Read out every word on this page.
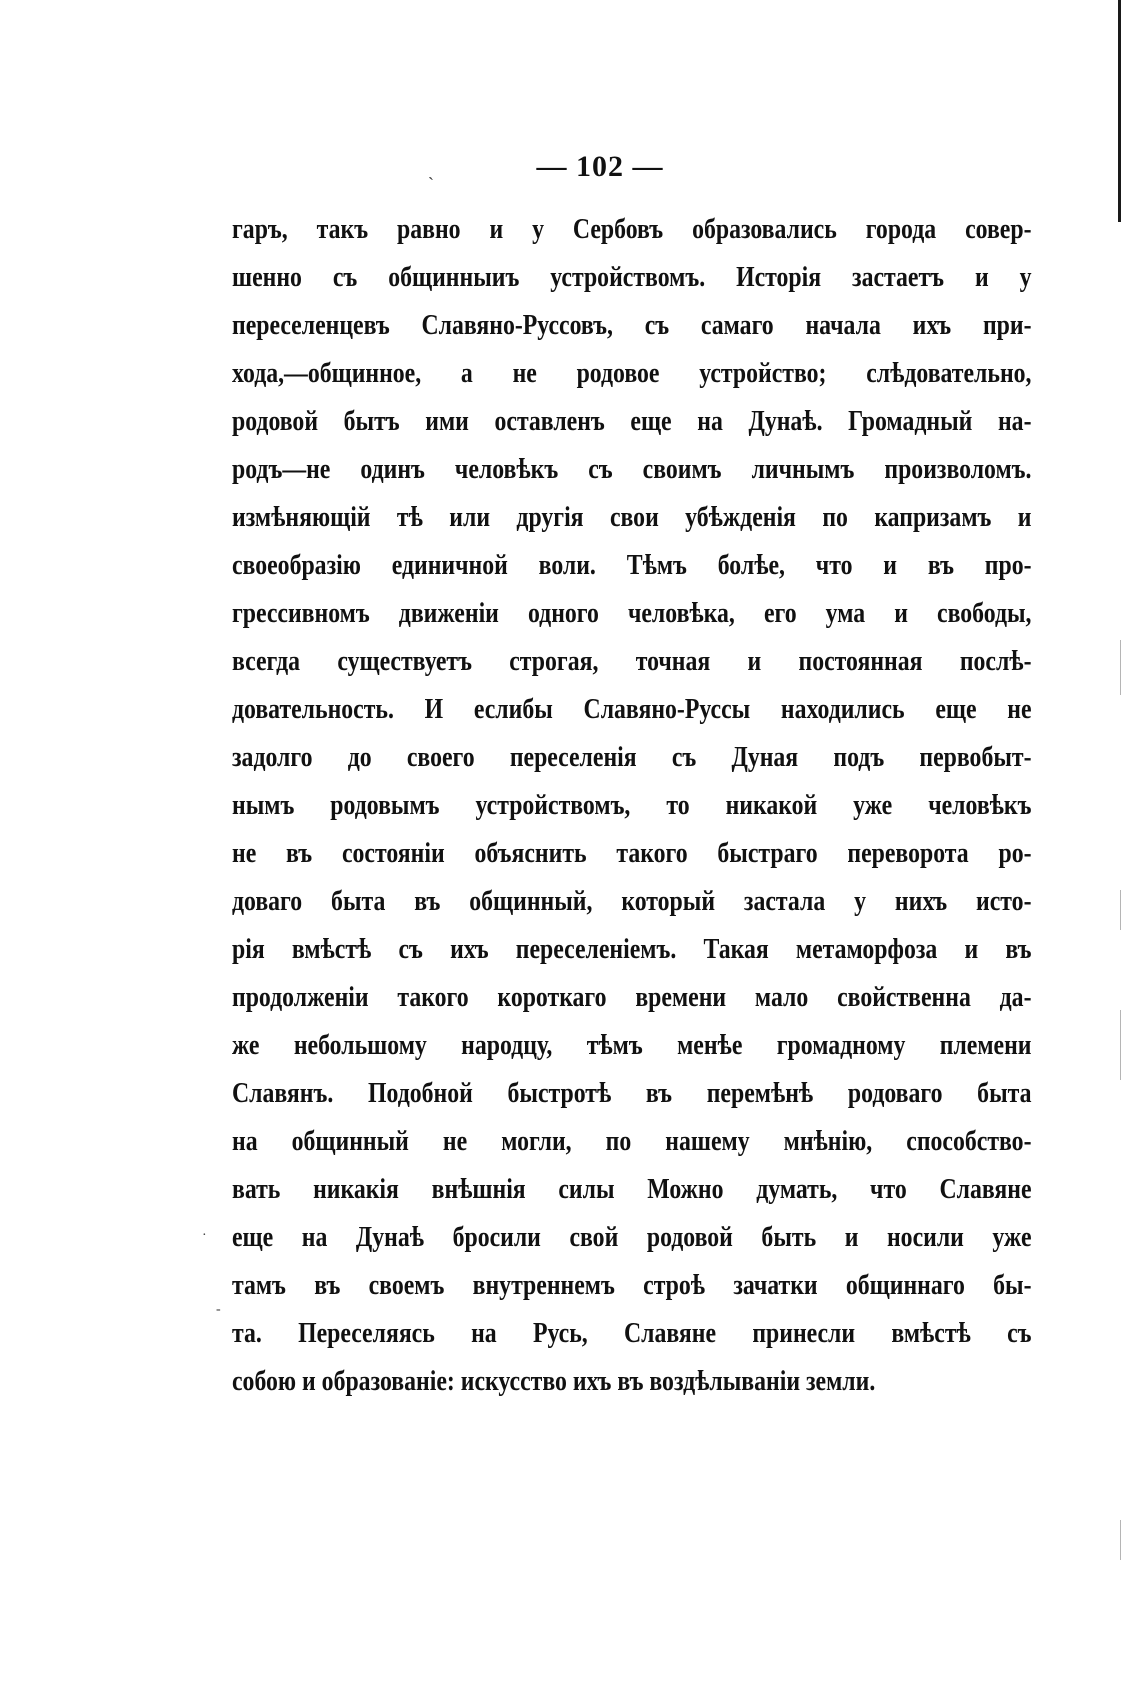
ˏ	— 102 —
гаръ, такъ равно и у Сербовъ образовались города совер-
шенно съ общинныиъ устройствомъ. Исторія застаетъ и у
переселенцевъ Славяно-Руссовъ, съ самаго начала ихъ при-
хода,—общинное, а не родовое устройство; слѣдовательно,
родовой бытъ ими оставленъ еще на Дунаѣ. Громадный на-
родъ—не одинъ человѣкъ съ своимъ личнымъ произволомъ.
измѣняющій тѣ или другія свои убѣжденія по капризамъ и
своеобразію единичной воли. Тѣмъ болѣе, что и въ про-
грессивномъ движеніи одного человѣка, его ума и свободы,
всегда существуетъ строгая, точная и постоянная послѣ-
довательность. И еслибы Славяно-Руссы находились еще не
задолго до своего переселенія съ Дуная подъ первобыт-
нымъ родовымъ устройствомъ, то никакой уже человѣкъ
не въ состояніи объяснить такого быстраго переворота ро-
доваго быта въ общинный, который застала у нихъ исто-
рія вмѣстѣ съ ихъ переселеніемъ. Такая метаморфоза и въ
продолженіи такого короткаго времени мало свойственна да-
же небольшому народцу, тѣмъ менѣе громадному племени
Славянъ. Подобной быстротѣ въ перемѣнѣ родоваго быта
на общинный не могли, по нашему мнѣнію, способство-
вать никакія внѣшнія силы Можно думать, что Славяне
еще на Дунаѣ бросили свой родовой быть и носили уже
тамъ въ своемъ внутреннемъ строѣ зачатки общиннаго бы-
та. Переселяясь на Русь, Славяне принесли вмѣстѣ съ
собою и образованіе: искусство ихъ въ воздѣлываніи земли.
·
-
